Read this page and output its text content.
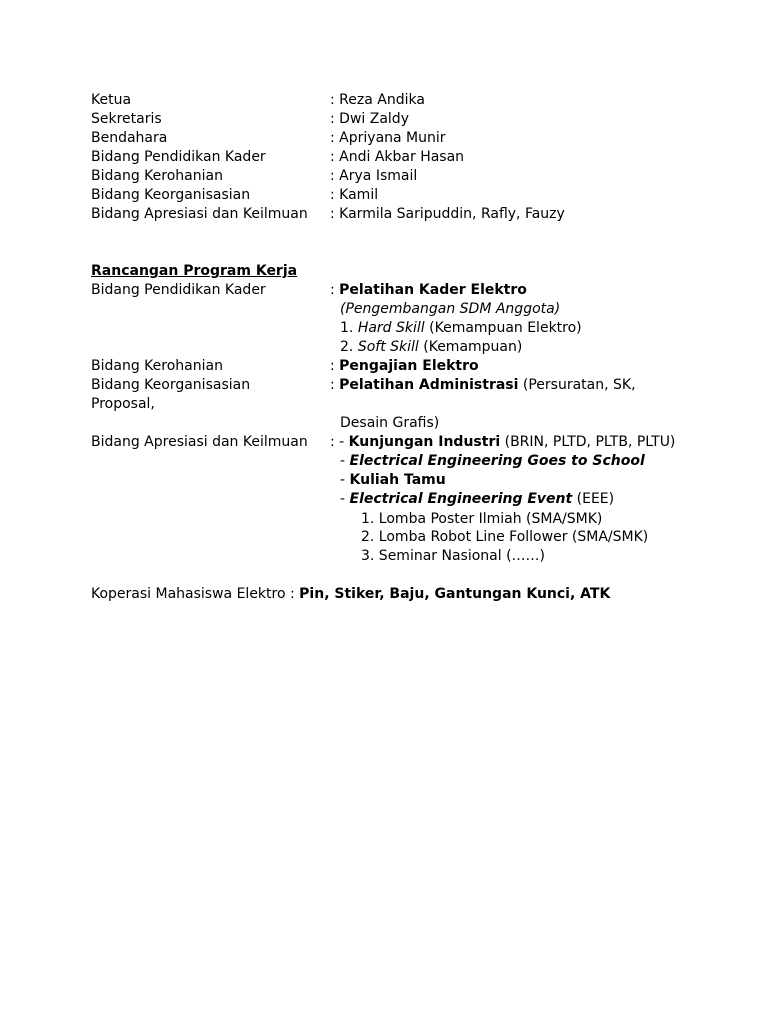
Ketua	: Reza Andika
Sekretaris	: Dwi Zaldy
Bendahara	: Apriyana Munir
Bidang Pendidikan Kader	: Andi Akbar Hasan
Bidang Kerohanian	: Arya Ismail
Bidang Keorganisasian	: Kamil
Bidang Apresiasi dan Keilmuan : Karmila Saripuddin, Rafly, Fauzy
Rancangan Program Kerja
Bidang Pendidikan Kader	: Pelatihan Kader Elektro
(Pengembangan SDM Anggota)
1. Hard Skill (Kemampuan Elektro)
2. Soft Skill (Kemampuan)
Bidang Kerohanian	: Pengajian Elektro
Bidang Keorganisasian	: Pelatihan Administrasi (Persuratan, SK,
Proposal,
Desain Grafis)
Bidang Apresiasi dan Keilmuan : - Kunjungan Industri (BRIN, PLTD, PLTB, PLTU)
- Electrical Engineering Goes to School
- Kuliah Tamu
- Electrical Engineering Event (EEE)
1. Lomba Poster Ilmiah (SMA/SMK)
2. Lomba Robot Line Follower (SMA/SMK)
3. Seminar Nasional (……)
Koperasi Mahasiswa Elektro : Pin, Stiker, Baju, Gantungan Kunci, ATK
